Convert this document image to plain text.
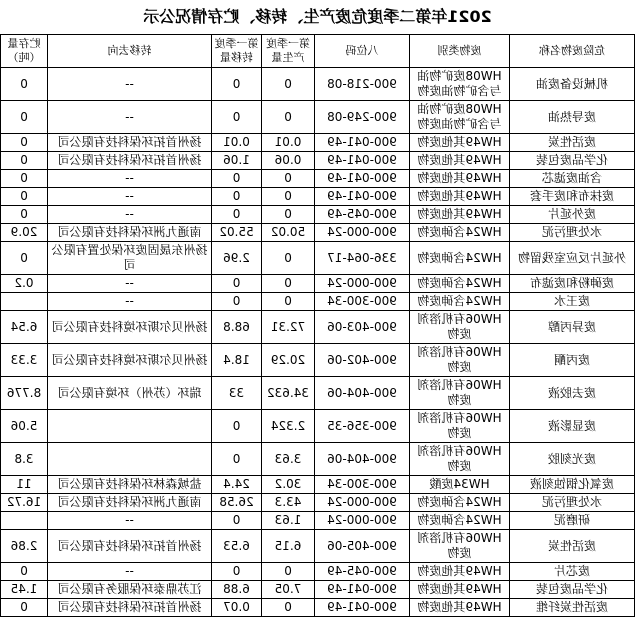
2021年第二季度危废产生、转移、贮存情况公示
危险废物名称	废物类别	八位码	第一季度产生量	第一季度转移量	转移去向	贮存量（吨）
机械设备废油	HW08废矿物油与含矿物油废物	900-218-08	0	0	--	0
废导热油	HW08废矿物油与含矿物油废物	900-249-08	0	0	--	0
废活性炭	HW49其他废物	900-041-49	0.01	0.01	扬州首拓环保科技有限公司	0
化学品废包装	HW49其他废物	900-041-49	0.06	1.06	扬州首拓环保科技有限公司	0
含油废滤芯	HW49其他废物	900-041-49	0	0	--	0
废抹布和废手套	HW49其他废物	900-041-49	0	0	--	0
废外延片	HW49其他废物	900-045-49	0	0	--	0
水处理污泥	HW24含砷废物	900-000-24	50.02	55.02	南通九洲环保科技有限公司	20.9
外延片反应室残留物	HW24含砷废物	336-064-17	0	2.96	扬州东晟固废环保处置有限公司	0
废砷粉和废滤布	HW24含砷废物	900-000-24	0	0	--	0.2
废王水	HW24含砷废物	900-300-34	0	0	--	
废异丙醇	HW06有机溶剂废物	900-403-06	72.31	68.8	扬州贝尔斯环境科技有限公司	6.54
废丙酮	HW06有机溶剂废物	900-402-06	20.29	18.4	扬州贝尔斯环境科技有限公司	3.33
废去胶液	HW06有机溶剂废物	900-404-06	34.632	33	瑞环（苏州）环境有限公司	8.776
废显影液	HW06有机溶剂废物	900-356-35	2.324	0		5.06
废光刻胶	HW06有机溶剂废物	900-404-06	3.63	0		3.8
废氧化铟蚀刻液	HW34废酸	900-300-34	30.2	24.4	盐城森林环保科技有限公司	11
水处理污泥	HW24含砷废物	900-000-24	43.3	26.58	南通九洲环保科技有限公司	16.72
研磨泥	HW24含砷废物	900-000-24	1.63	0	--	
废活性炭	HW06有机溶剂废物	900-405-06	6.15	6.53	扬州首拓环保科技有限公司	2.86
废芯片	HW49其他废物	900-045-49	0	0	--	0
化学品废包装	HW49其他废物	900-041-49	7.05	6.88	江苏鼎泰环保服务有限公司	1.45
废活性炭纤维	HW49其他废物	900-041-49	0	0.07	扬州首拓环保科技有限公司	0
